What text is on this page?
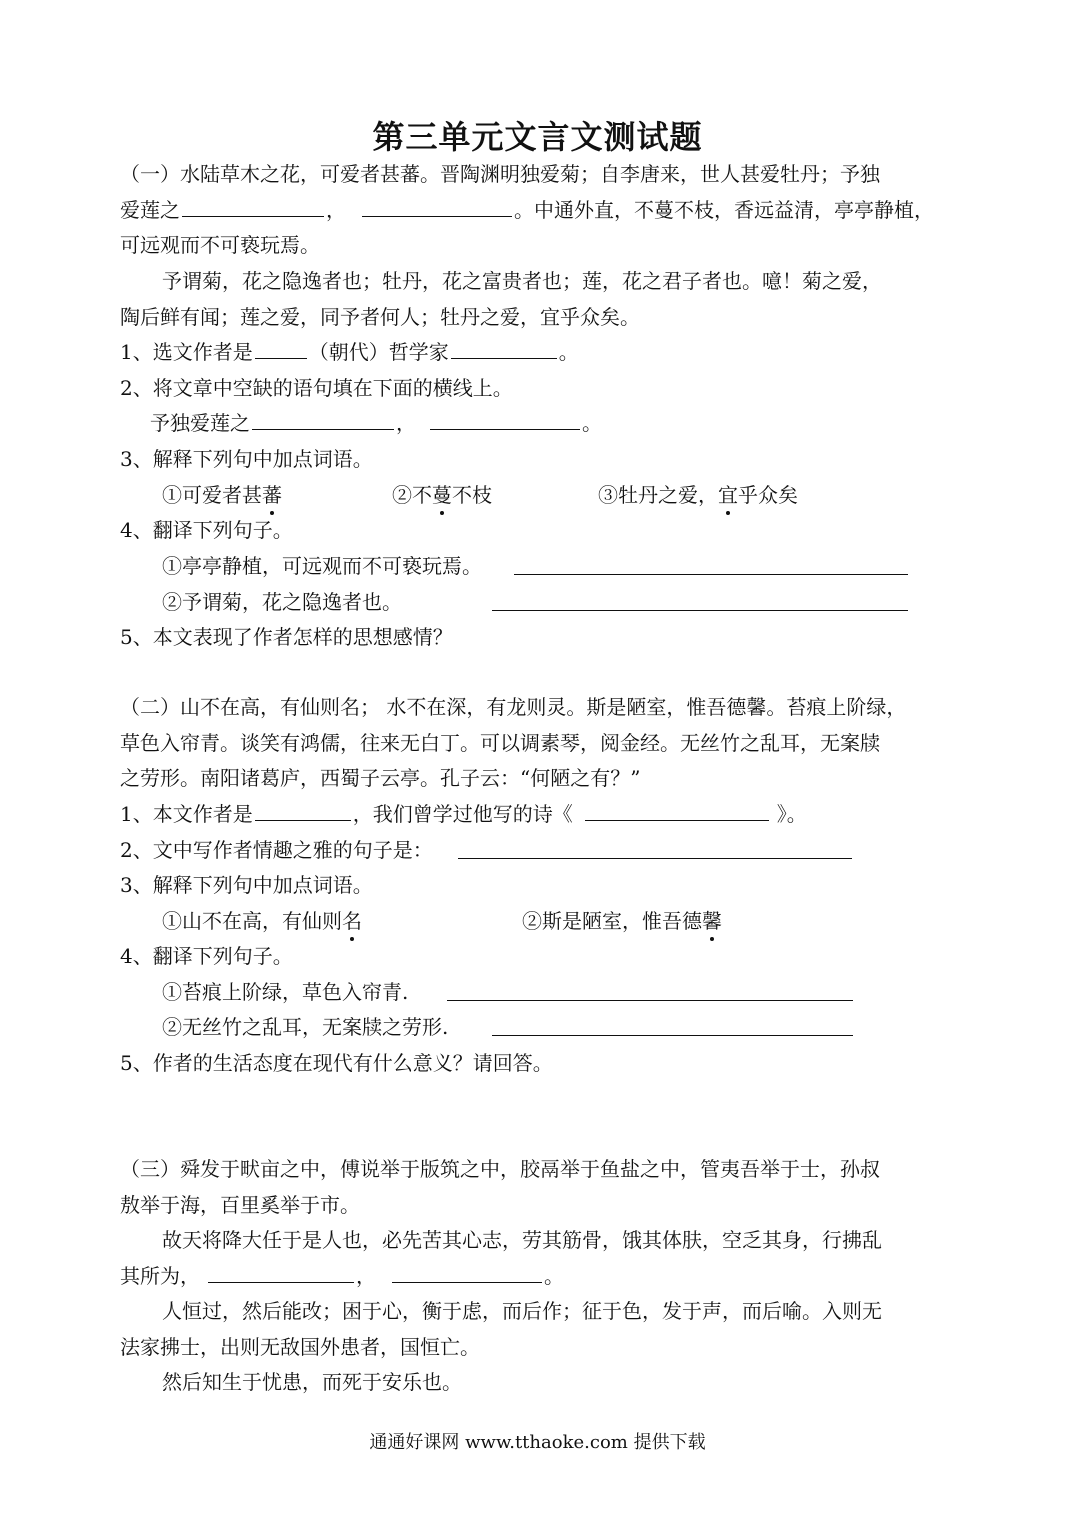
第三单元文言文测试题
（一）水陆草木之花，可爱者甚蕃。晋陶渊明独爱菊；自李唐来，世人甚爱牡丹；予独
爱莲之	，	。中通外直，不蔓不枝，香远益清，亭亭静植，
可远观而不可亵玩焉。
予谓菊，花之隐逸者也；牡丹，花之富贵者也；莲，花之君子者也。噫！菊之爱，
陶后鲜有闻；莲之爱，同予者何人；牡丹之爱，宜乎众矣。
1、选文作者是	（朝代）哲学家	。
2、将文章中空缺的语句填在下面的横线上。
予独爱莲之	，	。
3、解释下列句中加点词语。
①可爱者甚蕃	②不蔓不枝	③牡丹之爱，宜乎众矣
4、翻译下列句子。
①亭亭静植，可远观而不可亵玩焉。
②予谓菊，花之隐逸者也。
5、本文表现了作者怎样的思想感情？
（二）山不在高，有仙则名； 水不在深，有龙则灵。斯是陋室，惟吾德馨。苔痕上阶绿，
草色入帘青。谈笑有鸿儒，往来无白丁。可以调素琴，阅金经。无丝竹之乱耳，无案牍
之劳形。南阳诸葛庐，西蜀子云亭。孔子云：“何陋之有？”
1、本文作者是	，我们曾学过他写的诗《	》。
2、文中写作者情趣之雅的句子是：
3、解释下列句中加点词语。
①山不在高，有仙则名	②斯是陋室，惟吾德馨
4、翻译下列句子。
①苔痕上阶绿，草色入帘青.
②无丝竹之乱耳，无案牍之劳形.
5、作者的生活态度在现代有什么意义？请回答。
（三）舜发于畎亩之中，傅说举于版筑之中，胶鬲举于鱼盐之中，管夷吾举于士，孙叔
敖举于海，百里奚举于市。
故天将降大任于是人也，必先苦其心志，劳其筋骨，饿其体肤，空乏其身，行拂乱
其所为，	，	。
人恒过，然后能改；困于心，衡于虑，而后作；征于色，发于声，而后喻。入则无
法家拂士，出则无敌国外患者，国恒亡。
然后知生于忧患，而死于安乐也。
通通好课网 www.tthaoke.com 提供下载
